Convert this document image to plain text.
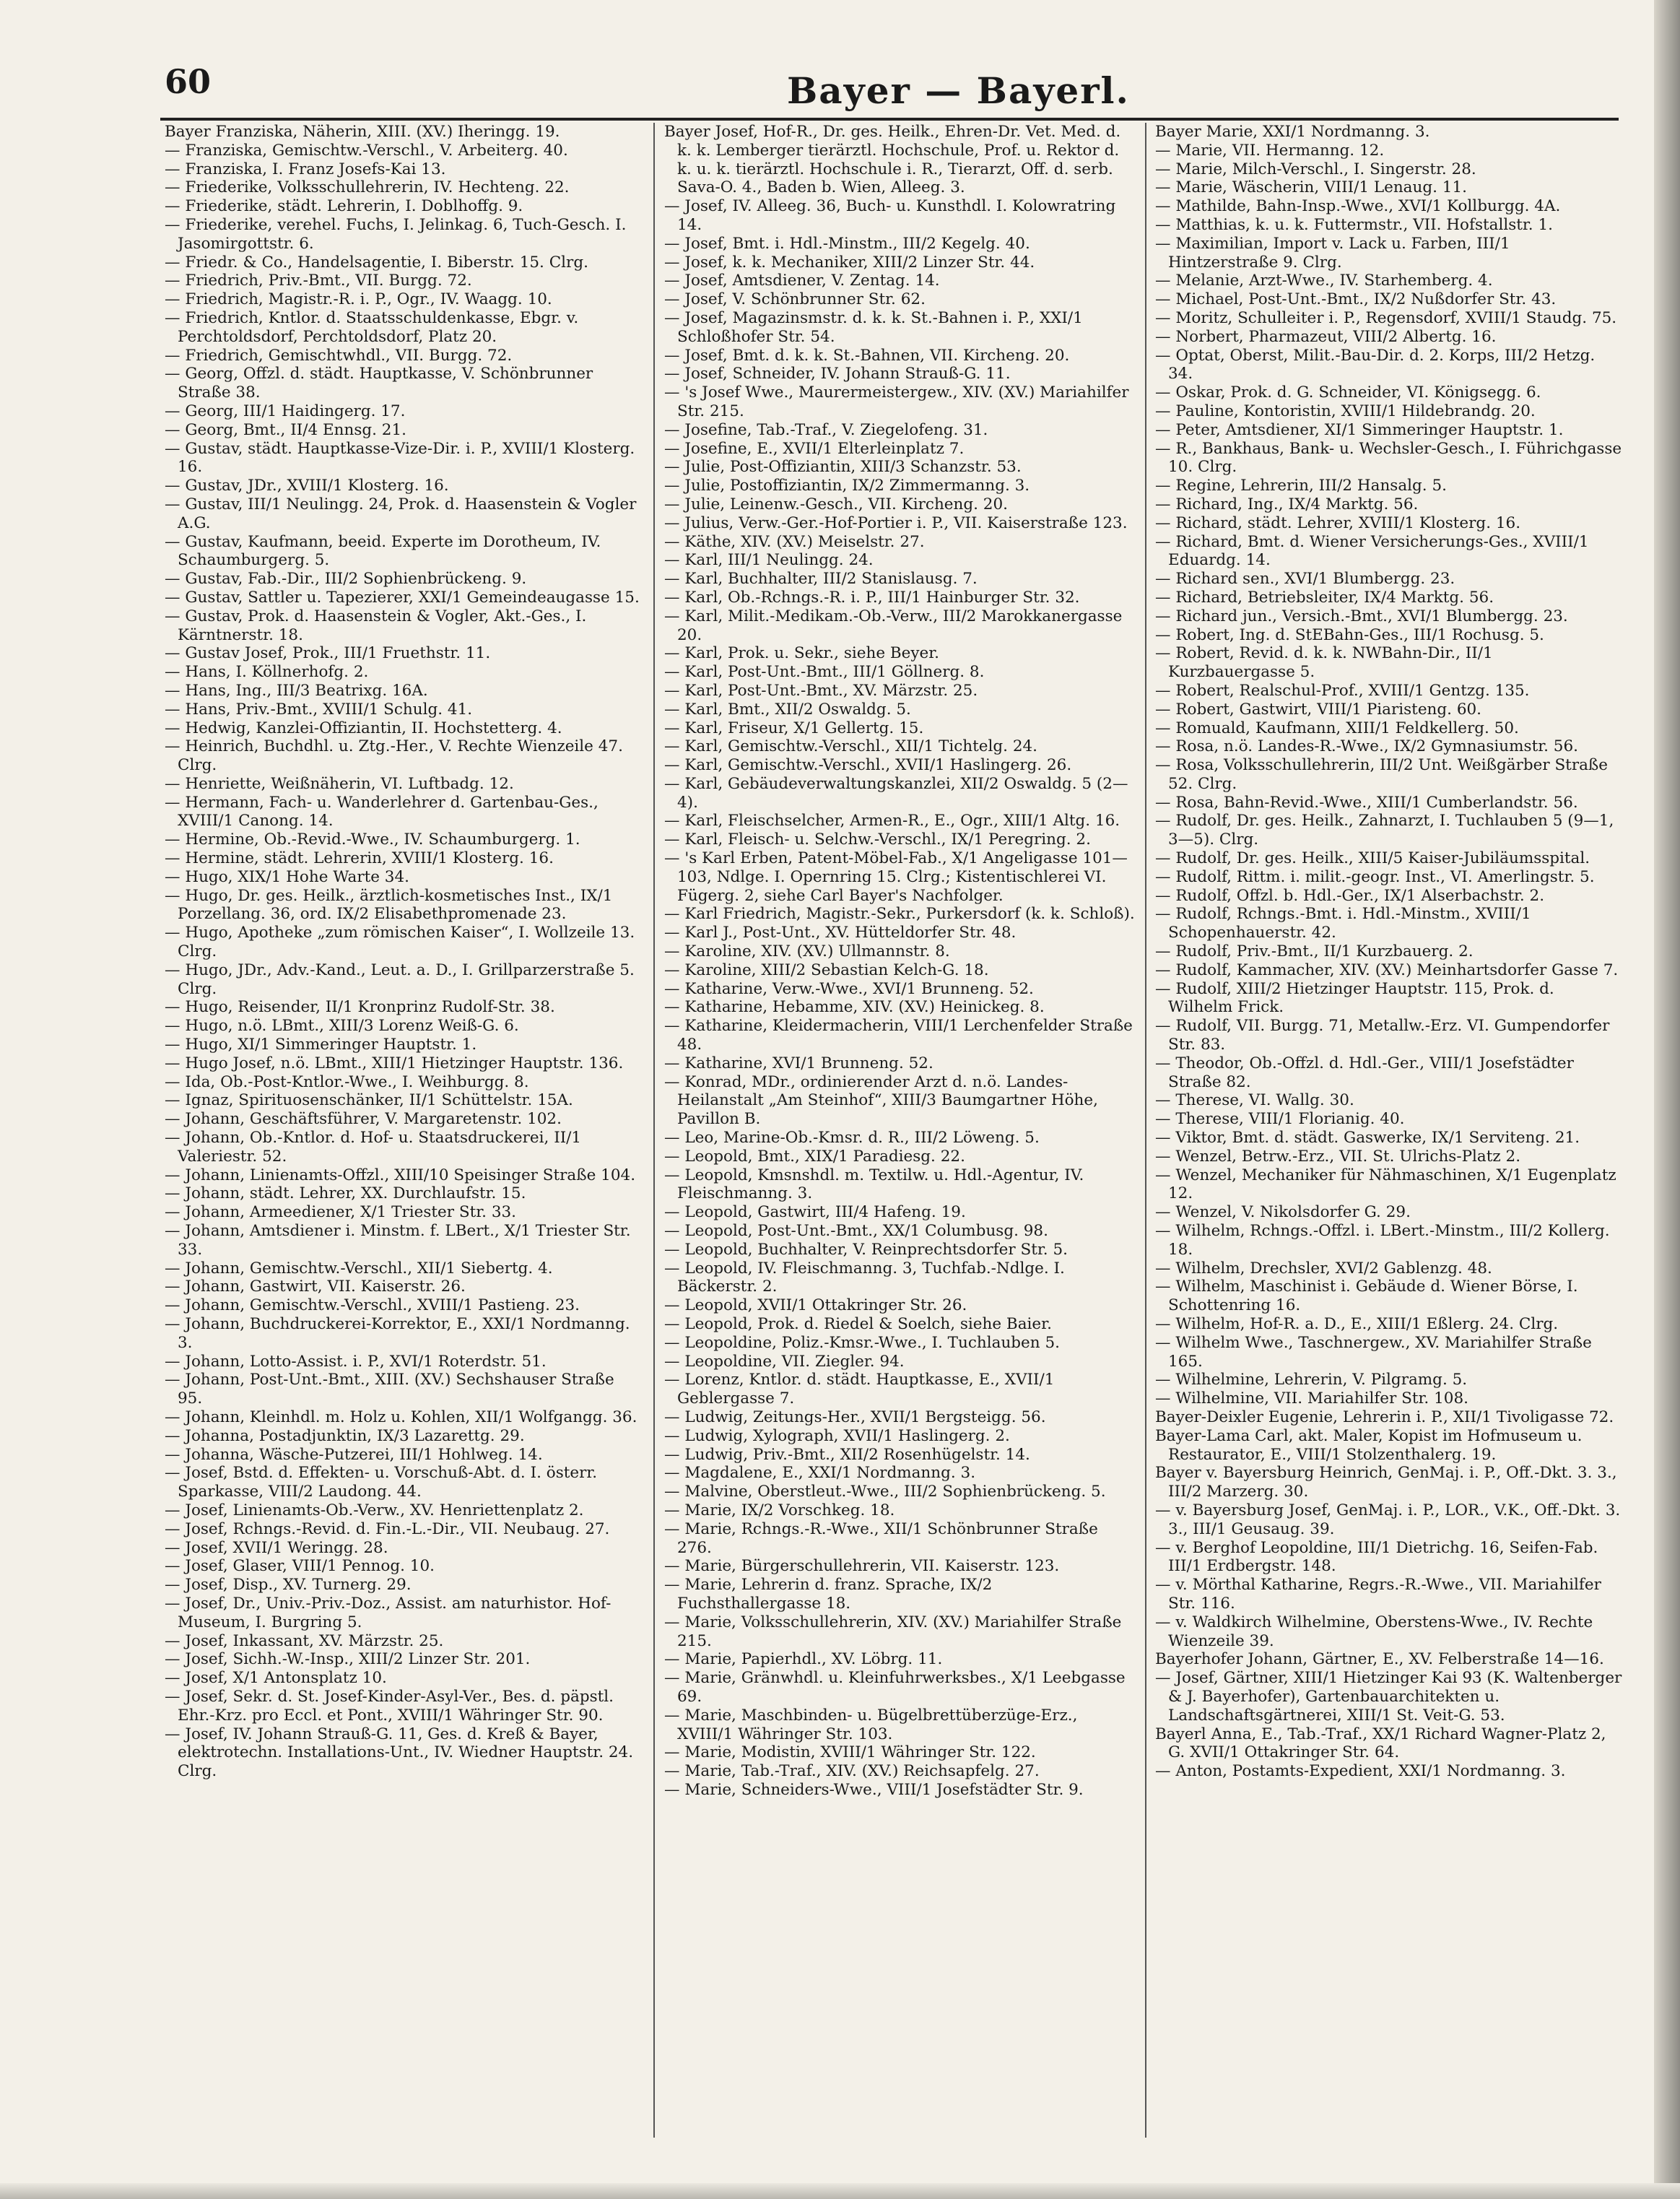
60	Bayer — Bayerl.

Bayer Franziska, Näherin, XIII. (XV.) Iheringg. 19.

— Franziska, Gemischtw.-Verschl., V. Arbeiterg. 40.

— Franziska, I. Franz Josefs-Kai 13.

— Friederike, Volksschullehrerin, IV. Hechteng. 22.

— Friederike, städt. Lehrerin, I. Doblhoffg. 9.

— Friederike, verehel. Fuchs, I. Jelinkag. 6, Tuch-Gesch. I. Jasomirgottstr. 6.

— Friedr. & Co., Handelsagentie, I. Biberstr. 15. Clrg.

— Friedrich, Priv.-Bmt., VII. Burgg. 72.

— Friedrich, Magistr.-R. i. P., Ogr., IV. Waagg. 10.

— Friedrich, Kntlor. d. Staatsschuldenkasse, Ebgr. v. Perchtoldsdorf, Perchtoldsdorf, Platz 20.

— Friedrich, Gemischtwhdl., VII. Burgg. 72.

— Georg, Offzl. d. städt. Hauptkasse, V. Schönbrunner Straße 38.

— Georg, III/1 Haidingerg. 17.

— Georg, Bmt., II/4 Ennsg. 21.

— Gustav, städt. Hauptkasse-Vize-Dir. i. P., XVIII/1 Klosterg. 16.

— Gustav, JDr., XVIII/1 Klosterg. 16.

— Gustav, III/1 Neulingg. 24, Prok. d. Haasenstein & Vogler A.G.

— Gustav, Kaufmann, beeid. Experte im Dorotheum, IV. Schaumburgerg. 5.

— Gustav, Fab.-Dir., III/2 Sophienbrückeng. 9.

— Gustav, Sattler u. Tapezierer, XXI/1 Gemeindeaugasse 15.

— Gustav, Prok. d. Haasenstein & Vogler, Akt.-Ges., I. Kärntnerstr. 18.

— Gustav Josef, Prok., III/1 Fruethstr. 11.

— Hans, I. Köllnerhofg. 2.

— Hans, Ing., III/3 Beatrixg. 16A.

— Hans, Priv.-Bmt., XVIII/1 Schulg. 41.

— Hedwig, Kanzlei-Offiziantin, II. Hochstetterg. 4.

— Heinrich, Buchdhl. u. Ztg.-Her., V. Rechte Wienzeile 47. Clrg.

— Henriette, Weißnäherin, VI. Luftbadg. 12.

— Hermann, Fach- u. Wanderlehrer d. Gartenbau-Ges., XVIII/1 Canong. 14.

— Hermine, Ob.-Revid.-Wwe., IV. Schaumburgerg. 1.

— Hermine, städt. Lehrerin, XVIII/1 Klosterg. 16.

— Hugo, XIX/1 Hohe Warte 34.

— Hugo, Dr. ges. Heilk., ärztlich-kosmetisches Inst., IX/1 Porzellang. 36, ord. IX/2 Elisabethpromenade 23.

— Hugo, Apotheke „zum römischen Kaiser“, I. Wollzeile 13. Clrg.

— Hugo, JDr., Adv.-Kand., Leut. a. D., I. Grillparzerstraße 5. Clrg.

— Hugo, Reisender, II/1 Kronprinz Rudolf-Str. 38.

— Hugo, n.ö. LBmt., XIII/3 Lorenz Weiß-G. 6.

— Hugo, XI/1 Simmeringer Hauptstr. 1.

— Hugo Josef, n.ö. LBmt., XIII/1 Hietzinger Hauptstr. 136.

— Ida, Ob.-Post-Kntlor.-Wwe., I. Weihburgg. 8.

— Ignaz, Spirituosenschänker, II/1 Schüttelstr. 15A.

— Johann, Geschäftsführer, V. Margaretenstr. 102.

— Johann, Ob.-Kntlor. d. Hof- u. Staatsdruckerei, II/1 Valeriestr. 52.

— Johann, Linienamts-Offzl., XIII/10 Speisinger Straße 104.

— Johann, städt. Lehrer, XX. Durchlaufstr. 15.

— Johann, Armeediener, X/1 Triester Str. 33.

— Johann, Amtsdiener i. Minstm. f. LBert., X/1 Triester Str. 33.

— Johann, Gemischtw.-Verschl., XII/1 Siebertg. 4.

— Johann, Gastwirt, VII. Kaiserstr. 26.

— Johann, Gemischtw.-Verschl., XVIII/1 Pastieng. 23.

— Johann, Buchdruckerei-Korrektor, E., XXI/1 Nordmanng. 3.

— Johann, Lotto-Assist. i. P., XVI/1 Roterdstr. 51.

— Johann, Post-Unt.-Bmt., XIII. (XV.) Sechshauser Straße 95.

— Johann, Kleinhdl. m. Holz u. Kohlen, XII/1 Wolfgangg. 36.

— Johanna, Postadjunktin, IX/3 Lazarettg. 29.

— Johanna, Wäsche-Putzerei, III/1 Hohlweg. 14.

— Josef, Bstd. d. Effekten- u. Vorschuß-Abt. d. I. österr. Sparkasse, VIII/2 Laudong. 44.

— Josef, Linienamts-Ob.-Verw., XV. Henriettenplatz 2.

— Josef, Rchngs.-Revid. d. Fin.-L.-Dir., VII. Neubaug. 27.

— Josef, XVII/1 Weringg. 28.

— Josef, Glaser, VIII/1 Pennog. 10.

— Josef, Disp., XV. Turnerg. 29.

— Josef, Dr., Univ.-Priv.-Doz., Assist. am naturhistor. Hof-Museum, I. Burgring 5.

— Josef, Inkassant, XV. Märzstr. 25.

— Josef, Sichh.-W.-Insp., XIII/2 Linzer Str. 201.

— Josef, X/1 Antonsplatz 10.

— Josef, Sekr. d. St. Josef-Kinder-Asyl-Ver., Bes. d. päpstl. Ehr.-Krz. pro Eccl. et Pont., XVIII/1 Währinger Str. 90.

— Josef, IV. Johann Strauß-G. 11, Ges. d. Kreß & Bayer, elektrotechn. Installations-Unt., IV. Wiedner Hauptstr. 24. Clrg.

Bayer Josef, Hof-R., Dr. ges. Heilk., Ehren-Dr. Vet. Med. d. k. k. Lemberger tierärztl. Hochschule, Prof. u. Rektor d. k. u. k. tierärztl. Hochschule i. R., Tierarzt, Off. d. serb. Sava-O. 4., Baden b. Wien, Alleeg. 3.

— Josef, IV. Alleeg. 36, Buch- u. Kunsthdl. I. Kolowratring 14.

— Josef, Bmt. i. Hdl.-Minstm., III/2 Kegelg. 40.

— Josef, k. k. Mechaniker, XIII/2 Linzer Str. 44.

— Josef, Amtsdiener, V. Zentag. 14.

— Josef, V. Schönbrunner Str. 62.

— Josef, Magazinsmstr. d. k. k. St.-Bahnen i. P., XXI/1 Schloßhofer Str. 54.

— Josef, Bmt. d. k. k. St.-Bahnen, VII. Kircheng. 20.

— Josef, Schneider, IV. Johann Strauß-G. 11.

— 's Josef Wwe., Maurermeistergew., XIV. (XV.) Mariahilfer Str. 215.

— Josefine, Tab.-Traf., V. Ziegelofeng. 31.

— Josefine, E., XVII/1 Elterleinplatz 7.

— Julie, Post-Offiziantin, XIII/3 Schanzstr. 53.

— Julie, Postoffiziantin, IX/2 Zimmermanng. 3.

— Julie, Leinenw.-Gesch., VII. Kircheng. 20.

— Julius, Verw.-Ger.-Hof-Portier i. P., VII. Kaiserstraße 123.

— Käthe, XIV. (XV.) Meiselstr. 27.

— Karl, III/1 Neulingg. 24.

— Karl, Buchhalter, III/2 Stanislausg. 7.

— Karl, Ob.-Rchngs.-R. i. P., III/1 Hainburger Str. 32.

— Karl, Milit.-Medikam.-Ob.-Verw., III/2 Marokkanergasse 20.

— Karl, Prok. u. Sekr., siehe Beyer.

— Karl, Post-Unt.-Bmt., III/1 Göllnerg. 8.

— Karl, Post-Unt.-Bmt., XV. Märzstr. 25.

— Karl, Bmt., XII/2 Oswaldg. 5.

— Karl, Friseur, X/1 Gellertg. 15.

— Karl, Gemischtw.-Verschl., XII/1 Tichtelg. 24.

— Karl, Gemischtw.-Verschl., XVII/1 Haslingerg. 26.

— Karl, Gebäudeverwaltungskanzlei, XII/2 Oswaldg. 5 (2—4).

— Karl, Fleischselcher, Armen-R., E., Ogr., XIII/1 Altg. 16.

— Karl, Fleisch- u. Selchw.-Verschl., IX/1 Peregring. 2.

— 's Karl Erben, Patent-Möbel-Fab., X/1 Angeligasse 101—103, Ndlge. I. Opernring 15. Clrg.; Kistentischlerei VI. Fügerg. 2, siehe Carl Bayer's Nachfolger.

— Karl Friedrich, Magistr.-Sekr., Purkersdorf (k. k. Schloß).

— Karl J., Post-Unt., XV. Hütteldorfer Str. 48.

— Karoline, XIV. (XV.) Ullmannstr. 8.

— Karoline, XIII/2 Sebastian Kelch-G. 18.

— Katharine, Verw.-Wwe., XVI/1 Brunneng. 52.

— Katharine, Hebamme, XIV. (XV.) Heinickeg. 8.

— Katharine, Kleidermacherin, VIII/1 Lerchenfelder Straße 48.

— Katharine, XVI/1 Brunneng. 52.

— Konrad, MDr., ordinierender Arzt d. n.ö. Landes-Heilanstalt „Am Steinhof“, XIII/3 Baumgartner Höhe, Pavillon B.

— Leo, Marine-Ob.-Kmsr. d. R., III/2 Löweng. 5.

— Leopold, Bmt., XIX/1 Paradiesg. 22.

— Leopold, Kmsnshdl. m. Textilw. u. Hdl.-Agentur, IV. Fleischmanng. 3.

— Leopold, Gastwirt, III/4 Hafeng. 19.

— Leopold, Post-Unt.-Bmt., XX/1 Columbusg. 98.

— Leopold, Buchhalter, V. Reinprechtsdorfer Str. 5.

— Leopold, IV. Fleischmanng. 3, Tuchfab.-Ndlge. I. Bäckerstr. 2.

— Leopold, XVII/1 Ottakringer Str. 26.

— Leopold, Prok. d. Riedel & Soelch, siehe Baier.

— Leopoldine, Poliz.-Kmsr.-Wwe., I. Tuchlauben 5.

— Leopoldine, VII. Ziegler. 94.

— Lorenz, Kntlor. d. städt. Hauptkasse, E., XVII/1 Geblergasse 7.

— Ludwig, Zeitungs-Her., XVII/1 Bergsteigg. 56.

— Ludwig, Xylograph, XVII/1 Haslingerg. 2.

— Ludwig, Priv.-Bmt., XII/2 Rosenhügelstr. 14.

— Magdalene, E., XXI/1 Nordmanng. 3.

— Malvine, Oberstleut.-Wwe., III/2 Sophienbrückeng. 5.

— Marie, IX/2 Vorschkeg. 18.

— Marie, Rchngs.-R.-Wwe., XII/1 Schönbrunner Straße 276.

— Marie, Bürgerschullehrerin, VII. Kaiserstr. 123.

— Marie, Lehrerin d. franz. Sprache, IX/2 Fuchsthallergasse 18.

— Marie, Volksschullehrerin, XIV. (XV.) Mariahilfer Straße 215.

— Marie, Papierhdl., XV. Löbrg. 11.

— Marie, Gränwhdl. u. Kleinfuhrwerksbes., X/1 Leebgasse 69.

— Marie, Maschbinden- u. Bügelbrettüberzüge-Erz., XVIII/1 Währinger Str. 103.

— Marie, Modistin, XVIII/1 Währinger Str. 122.

— Marie, Tab.-Traf., XIV. (XV.) Reichsapfelg. 27.

— Marie, Schneiders-Wwe., VIII/1 Josefstädter Str. 9.

Bayer Marie, XXI/1 Nordmanng. 3.

— Marie, VII. Hermanng. 12.

— Marie, Milch-Verschl., I. Singerstr. 28.

— Marie, Wäscherin, VIII/1 Lenaug. 11.

— Mathilde, Bahn-Insp.-Wwe., XVI/1 Kollburgg. 4A.

— Matthias, k. u. k. Futtermstr., VII. Hofstallstr. 1.

— Maximilian, Import v. Lack u. Farben, III/1 Hintzerstraße 9. Clrg.

— Melanie, Arzt-Wwe., IV. Starhemberg. 4.

— Michael, Post-Unt.-Bmt., IX/2 Nußdorfer Str. 43.

— Moritz, Schulleiter i. P., Regensdorf, XVIII/1 Staudg. 75.

— Norbert, Pharmazeut, VIII/2 Albertg. 16.

— Optat, Oberst, Milit.-Bau-Dir. d. 2. Korps, III/2 Hetzg. 34.

— Oskar, Prok. d. G. Schneider, VI. Königsegg. 6.

— Pauline, Kontoristin, XVIII/1 Hildebrandg. 20.

— Peter, Amtsdiener, XI/1 Simmeringer Hauptstr. 1.

— R., Bankhaus, Bank- u. Wechsler-Gesch., I. Führichgasse 10. Clrg.

— Regine, Lehrerin, III/2 Hansalg. 5.

— Richard, Ing., IX/4 Marktg. 56.

— Richard, städt. Lehrer, XVIII/1 Klosterg. 16.

— Richard, Bmt. d. Wiener Versicherungs-Ges., XVIII/1 Eduardg. 14.

— Richard sen., XVI/1 Blumbergg. 23.

— Richard, Betriebsleiter, IX/4 Marktg. 56.

— Richard jun., Versich.-Bmt., XVI/1 Blumbergg. 23.

— Robert, Ing. d. StEBahn-Ges., III/1 Rochusg. 5.

— Robert, Revid. d. k. k. NWBahn-Dir., II/1 Kurzbauergasse 5.

— Robert, Realschul-Prof., XVIII/1 Gentzg. 135.

— Robert, Gastwirt, VIII/1 Piaristeng. 60.

— Romuald, Kaufmann, XIII/1 Feldkellerg. 50.

— Rosa, n.ö. Landes-R.-Wwe., IX/2 Gymnasiumstr. 56.

— Rosa, Volksschullehrerin, III/2 Unt. Weißgärber Straße 52. Clrg.

— Rosa, Bahn-Revid.-Wwe., XIII/1 Cumberlandstr. 56.

— Rudolf, Dr. ges. Heilk., Zahnarzt, I. Tuchlauben 5 (9—1, 3—5). Clrg.

— Rudolf, Dr. ges. Heilk., XIII/5 Kaiser-Jubiläumsspital.

— Rudolf, Rittm. i. milit.-geogr. Inst., VI. Amerlingstr. 5.

— Rudolf, Offzl. b. Hdl.-Ger., IX/1 Alserbachstr. 2.

— Rudolf, Rchngs.-Bmt. i. Hdl.-Minstm., XVIII/1 Schopenhauerstr. 42.

— Rudolf, Priv.-Bmt., II/1 Kurzbauerg. 2.

— Rudolf, Kammacher, XIV. (XV.) Meinhartsdorfer Gasse 7.

— Rudolf, XIII/2 Hietzinger Hauptstr. 115, Prok. d. Wilhelm Frick.

— Rudolf, VII. Burgg. 71, Metallw.-Erz. VI. Gumpendorfer Str. 83.

— Theodor, Ob.-Offzl. d. Hdl.-Ger., VIII/1 Josefstädter Straße 82.

— Therese, VI. Wallg. 30.

— Therese, VIII/1 Florianig. 40.

— Viktor, Bmt. d. städt. Gaswerke, IX/1 Serviteng. 21.

— Wenzel, Betrw.-Erz., VII. St. Ulrichs-Platz 2.

— Wenzel, Mechaniker für Nähmaschinen, X/1 Eugenplatz 12.

— Wenzel, V. Nikolsdorfer G. 29.

— Wilhelm, Rchngs.-Offzl. i. LBert.-Minstm., III/2 Kollerg. 18.

— Wilhelm, Drechsler, XVI/2 Gablenzg. 48.

— Wilhelm, Maschinist i. Gebäude d. Wiener Börse, I. Schottenring 16.

— Wilhelm, Hof-R. a. D., E., XIII/1 Eßlerg. 24. Clrg.

— Wilhelm Wwe., Taschnergew., XV. Mariahilfer Straße 165.

— Wilhelmine, Lehrerin, V. Pilgramg. 5.

— Wilhelmine, VII. Mariahilfer Str. 108.

Bayer-Deixler Eugenie, Lehrerin i. P., XII/1 Tivoligasse 72.

Bayer-Lama Carl, akt. Maler, Kopist im Hofmuseum u. Restaurator, E., VIII/1 Stolzenthalerg. 19.

Bayer v. Bayersburg Heinrich, GenMaj. i. P., Off.-Dkt. 3. 3., III/2 Marzerg. 30.

— v. Bayersburg Josef, GenMaj. i. P., LOR., V.K., Off.-Dkt. 3. 3., III/1 Geusaug. 39.

— v. Berghof Leopoldine, III/1 Dietrichg. 16, Seifen-Fab. III/1 Erdbergstr. 148.

— v. Mörthal Katharine, Regrs.-R.-Wwe., VII. Mariahilfer Str. 116.

— v. Waldkirch Wilhelmine, Oberstens-Wwe., IV. Rechte Wienzeile 39.

Bayerhofer Johann, Gärtner, E., XV. Felberstraße 14—16.

— Josef, Gärtner, XIII/1 Hietzinger Kai 93 (K. Waltenberger & J. Bayerhofer), Gartenbauarchitekten u. Landschaftsgärtnerei, XIII/1 St. Veit-G. 53.

Bayerl Anna, E., Tab.-Traf., XX/1 Richard Wagner-Platz 2, G. XVII/1 Ottakringer Str. 64.

— Anton, Postamts-Expedient, XXI/1 Nordmanng. 3.
